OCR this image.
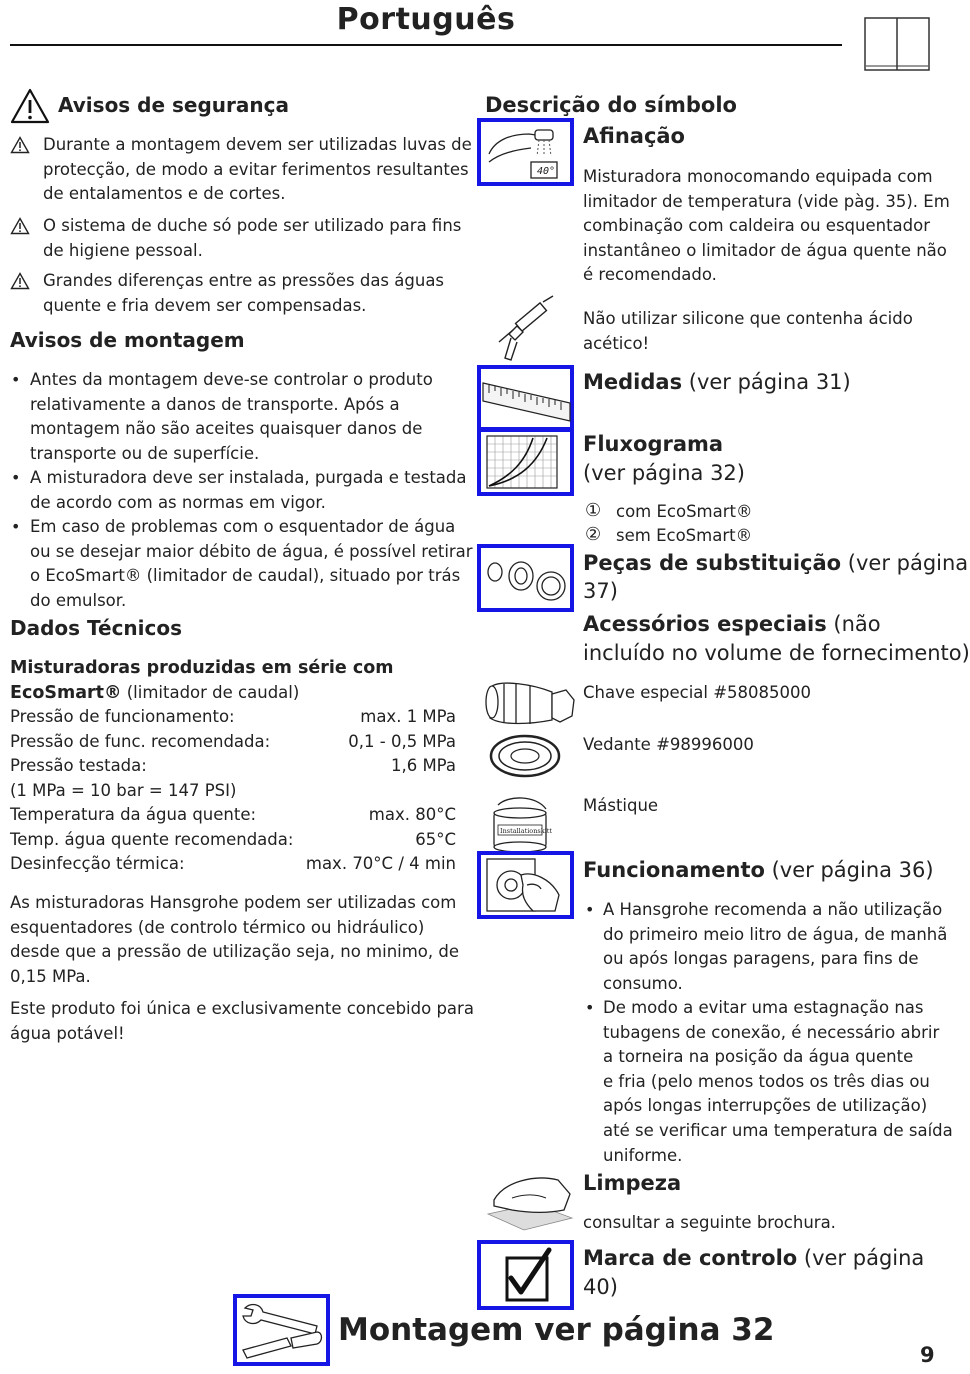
Português
Avisos de segurança
Durante a montagem devem ser utilizadas luvas de
protecção, de modo a evitar ferimentos resultantes
de entalamentos e de cortes.
O sistema de duche só pode ser utilizado para fins
de higiene pessoal.
Grandes diferenças entre as pressões das águas
quente e fria devem ser compensadas.
Avisos de montagem
• Antes da montagem deve-se controlar o produto
relativamente a danos de transporte. Após a
montagem não são aceites quaisquer danos de
transporte ou de superfície.
• A misturadora deve ser instalada, purgada e testada
de acordo com as normas em vigor.
• Em caso de problemas com o esquentador de água
ou se desejar maior débito de água, é possível retirar
o EcoSmart® (limitador de caudal), situado por trás
do emulsor.
Dados Técnicos
Misturadoras produzidas em série com
EcoSmart® (limitador de caudal)
Pressão de funcionamento:	max. 1 MPa
Pressão de func. recomendada:	0,1 - 0,5 MPa
Pressão testada:	1,6 MPa
(1 MPa = 10 bar = 147 PSI)
Temperatura da água quente:	max. 80°C
Temp. água quente recomendada:	65°C
Desinfecção térmica:	max. 70°C / 4 min
As misturadoras Hansgrohe podem ser utilizadas com
esquentadores (de controlo térmico ou hidráulico)
desde que a pressão de utilização seja, no minimo, de
0,15 MPa.
Este produto foi única e exclusivamente concebido para
água potável!
Descrição do símbolo
40°
Afinação
Misturadora monocomando equipada com
limitador de temperatura (vide pàg. 35). Em
combinação com caldeira ou esquentador
instantâneo o limitador de água quente não
é recomendado.
Não utilizar silicone que contenha ácido
acético!
Medidas (ver página 31)
Fluxograma
(ver página 32)
① com EcoSmart®
② sem EcoSmart®
Peças de substituição (ver página
37)
Acessórios especiais (não
incluído no volume de fornecimento)
Chave especial #58085000
Vedante #98996000
Installationskitt
Mástique
Funcionamento (ver página 36)
• A Hansgrohe recomenda a não utilização
do primeiro meio litro de água, de manhã
ou após longas paragens, para fins de
consumo.
• De modo a evitar uma estagnação nas
tubagens de conexão, é necessário abrir
a torneira na posição da água quente
e fria (pelo menos todos os três dias ou
após longas interrupções de utilização)
até se verificar uma temperatura de saída
uniforme.
Limpeza
consultar a seguinte brochura.
Marca de controlo (ver página
40)
Montagem ver página 32
9
